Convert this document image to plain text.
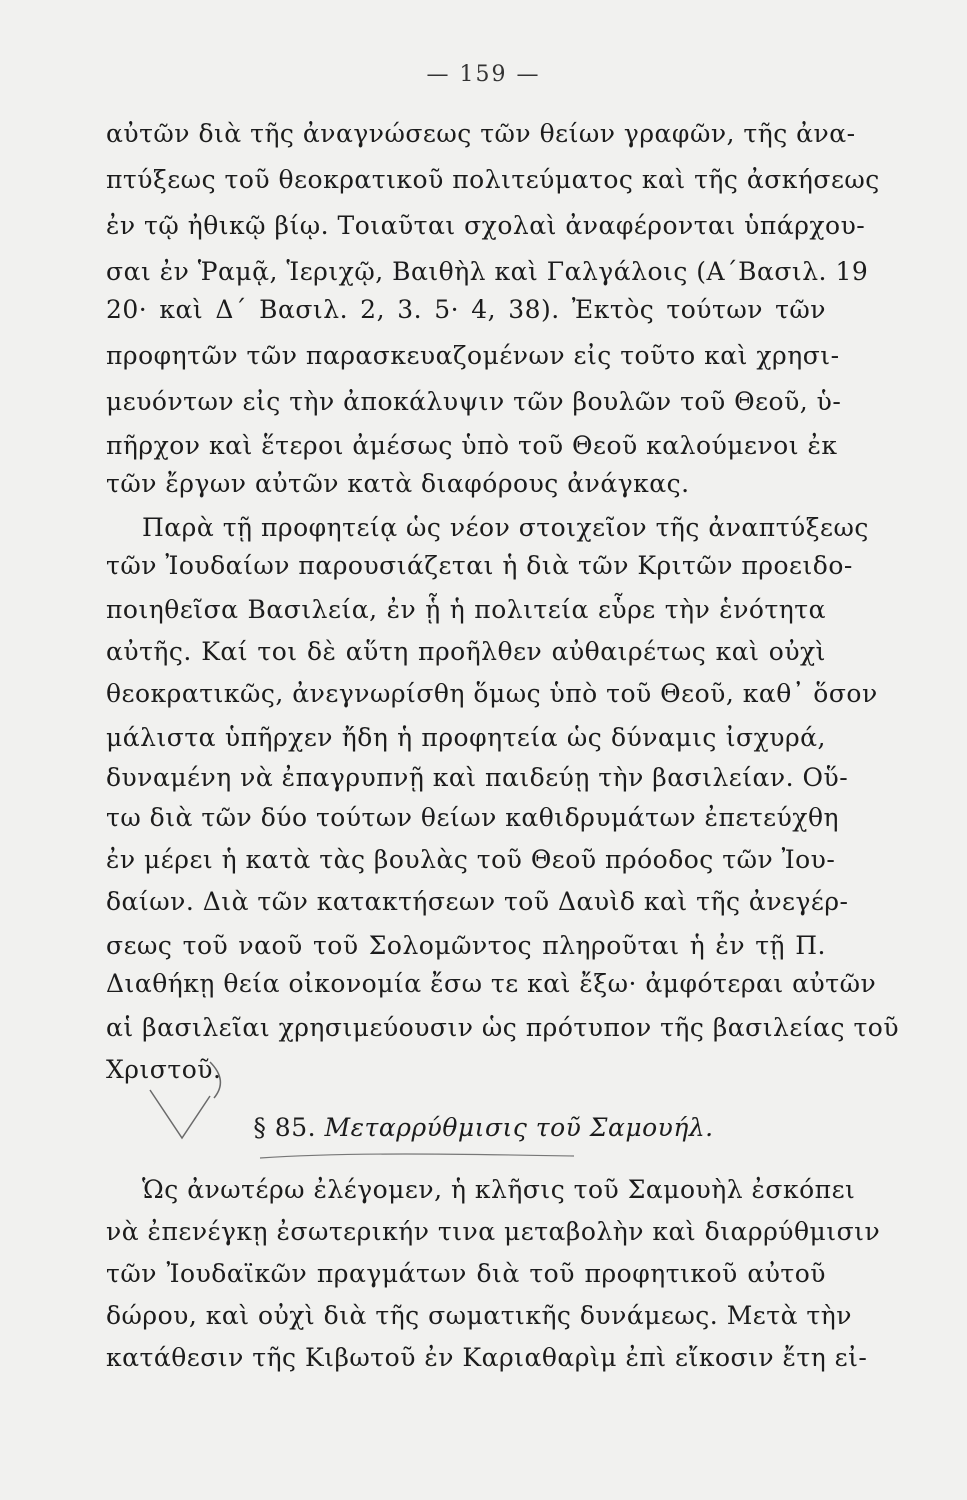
— 159 —
αὐτῶν διὰ τῆς ἀναγνώσεως τῶν θείων γραφῶν, τῆς ἀνα-
πτύξεως τοῦ θεοκρατικοῦ πολιτεύματος καὶ τῆς ἀσκήσεως
ἐν τῷ ἠθικῷ βίῳ. Τοιαῦται σχολαὶ ἀναφέρονται ὑπάρχου-
σαι ἐν Ῥαμᾷ, Ἱεριχῷ, Βαιθὴλ καὶ Γαλγάλοις (Α΄Βασιλ. 19
20· καὶ Δ΄ Βασιλ. 2, 3. 5· 4, 38). Ἐκτὸς τούτων τῶν
προφητῶν τῶν παρασκευαζομένων εἰς τοῦτο καὶ χρησι-
μευόντων εἰς τὴν ἀποκάλυψιν τῶν βουλῶν τοῦ Θεοῦ, ὑ-
πῆρχον καὶ ἕτεροι ἀμέσως ὑπὸ τοῦ Θεοῦ καλούμενοι ἐκ
τῶν ἔργων αὐτῶν κατὰ διαφόρους ἀνάγκας.
Παρὰ τῇ προφητείᾳ ὡς νέον στοιχεῖον τῆς ἀναπτύξεως
τῶν Ἰουδαίων παρουσιάζεται ἡ διὰ τῶν Κριτῶν προειδο-
ποιηθεῖσα Βασιλεία, ἐν ᾗ ἡ πολιτεία εὗρε τὴν ἑνότητα
αὐτῆς. Καί τοι δὲ αὕτη προῆλθεν αὐθαιρέτως καὶ οὐχὶ
θεοκρατικῶς, ἀνεγνωρίσθη ὅμως ὑπὸ τοῦ Θεοῦ, καθ᾽ ὅσον
μάλιστα ὑπῆρχεν ἤδη ἡ προφητεία ὡς δύναμις ἰσχυρά,
δυναμένη νὰ ἐπαγρυπνῇ καὶ παιδεύῃ τὴν βασιλείαν. Οὕ-
τω διὰ τῶν δύο τούτων θείων καθιδρυμάτων ἐπετεύχθη
ἐν μέρει ἡ κατὰ τὰς βουλὰς τοῦ Θεοῦ πρόοδος τῶν Ἰου-
δαίων. Διὰ τῶν κατακτήσεων τοῦ Δαυὶδ καὶ τῆς ἀνεγέρ-
σεως τοῦ ναοῦ τοῦ Σολομῶντος πληροῦται ἡ ἐν τῇ Π.
Διαθήκῃ θεία οἰκονομία ἔσω τε καὶ ἔξω· ἀμφότεραι αὐτῶν
αἱ βασιλεῖαι χρησιμεύουσιν ὡς πρότυπον τῆς βασιλείας τοῦ
Χριστοῦ.
§ 85. Μεταρρύθμισις τοῦ Σαμουήλ.
Ὡς ἀνωτέρω ἐλέγομεν, ἡ κλῆσις τοῦ Σαμουὴλ ἐσκόπει
νὰ ἐπενέγκῃ ἐσωτερικήν τινα μεταβολὴν καὶ διαρρύθμισιν
τῶν Ἰουδαϊκῶν πραγμάτων διὰ τοῦ προφητικοῦ αὐτοῦ
δώρου, καὶ οὐχὶ διὰ τῆς σωματικῆς δυνάμεως. Μετὰ τὴν
κατάθεσιν τῆς Κιβωτοῦ ἐν Καριαθαρὶμ ἐπὶ εἴκοσιν ἔτη εἰ-
